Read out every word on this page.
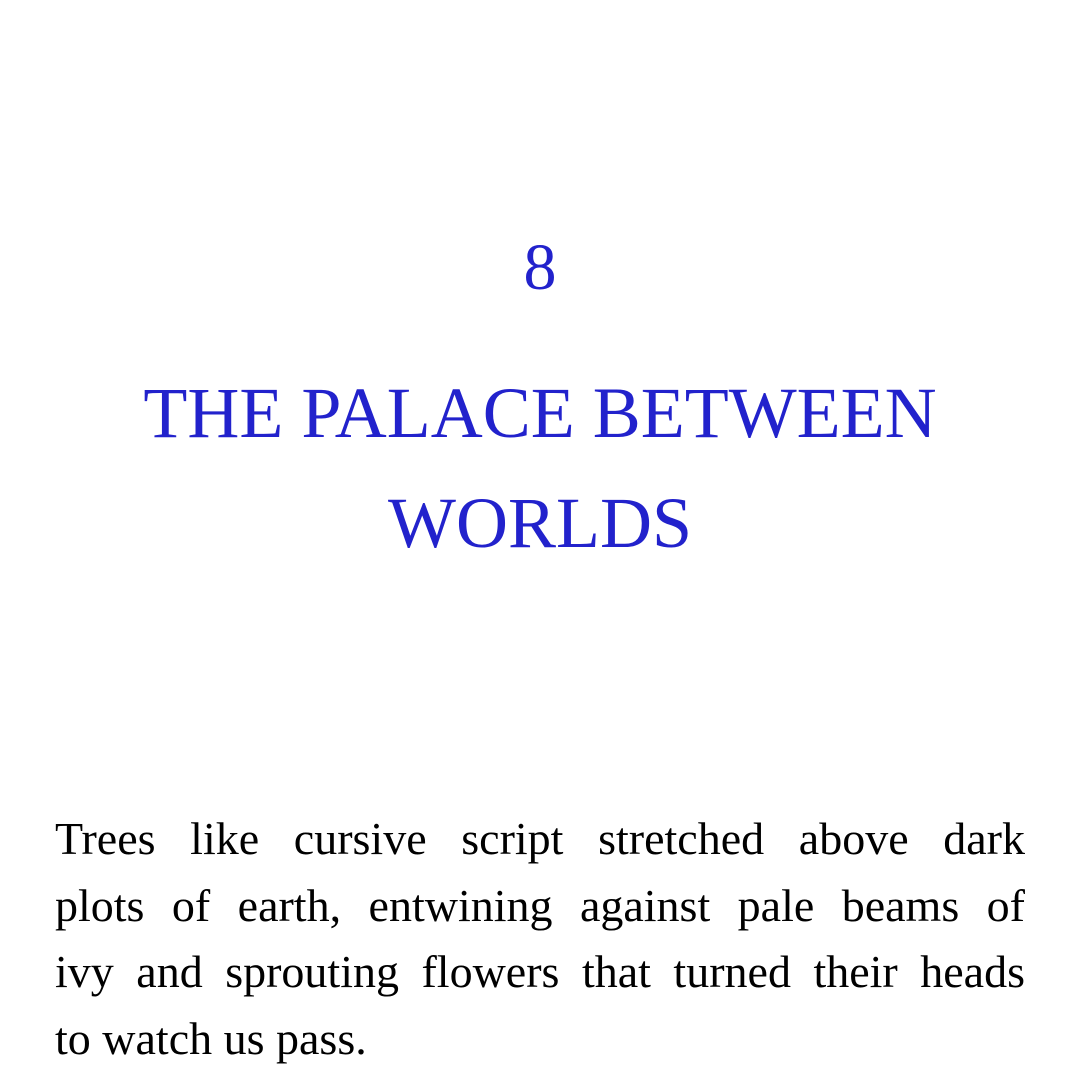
8
THE PALACE BETWEEN
WORLDS
Trees like cursive script stretched above dark
plots of earth, entwining against pale beams of
ivy and sprouting flowers that turned their heads
to watch us pass.
